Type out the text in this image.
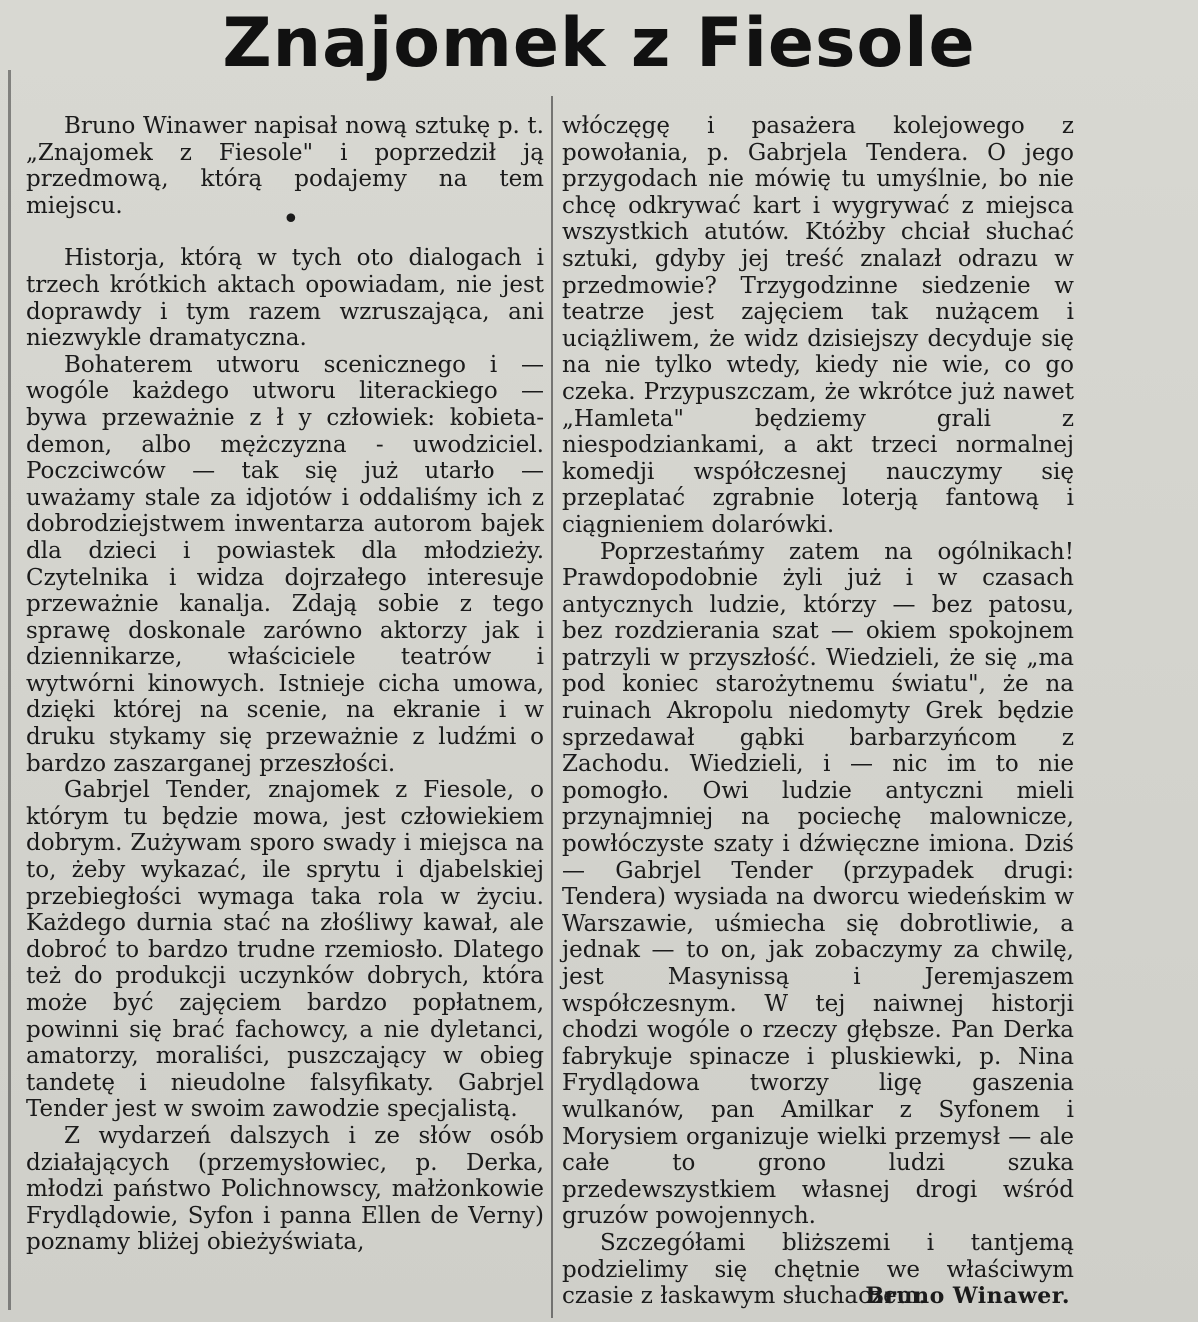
Znajomek z Fiesole

Bruno Winawer napisał nową sztukę p. t. „Znajomek z Fiesole" i poprzedził ją przedmową, którą podajemy na tem miejscu.

Historja, którą w tych oto dialogach i trzech krótkich aktach opowiadam, nie jest doprawdy i tym razem wzruszająca, ani niezwykle dramatyczna.

Bohaterem utworu scenicznego i — wogóle każdego utworu literackiego — bywa przeważnie z ł y człowiek: kobieta-demon, albo mężczyzna - uwodziciel. Poczciwców — tak się już utarło — uważamy stale za idjotów i oddaliśmy ich z dobrodziejstwem inwentarza autorom bajek dla dzieci i powiastek dla młodzieży. Czytelnika i widza dojrzałego interesuje przeważnie kanalja. Zdają sobie z tego sprawę doskonale zarówno aktorzy jak i dziennikarze, właściciele teatrów i wytwórni kinowych. Istnieje cicha umowa, dzięki której na scenie, na ekranie i w druku stykamy się przeważnie z ludźmi o bardzo zaszarganej przeszłości.

Gabrjel Tender, znajomek z Fiesole, o którym tu będzie mowa, jest człowiekiem dobrym. Zużywam sporo swady i miejsca na to, żeby wykazać, ile sprytu i djabelskiej przebiegłości wymaga taka rola w życiu. Każdego durnia stać na złośliwy kawał, ale dobroć to bardzo trudne rzemiosło. Dlatego też do produkcji uczynków dobrych, która może być zajęciem bardzo popłatnem, powinni się brać fachowcy, a nie dyletanci, amatorzy, moraliści, puszczający w obieg tandetę i nieudolne falsyfikaty. Gabrjel Tender jest w swoim zawodzie specjalistą.

Z wydarzeń dalszych i ze słów osób działających (przemysłowiec, p. Derka, młodzi państwo Polichnowscy, małżonkowie Frydlądowie, Syfon i panna Ellen de Verny) poznamy bliżej obieżyświata,

•

włóczęgę i pasażera kolejowego z powołania, p. Gabrjela Tendera. O jego przygodach nie mówię tu umyślnie, bo nie chcę odkrywać kart i wygrywać z miejsca wszystkich atutów. Któżby chciał słuchać sztuki, gdyby jej treść znalazł odrazu w przedmowie? Trzygodzinne siedzenie w teatrze jest zajęciem tak nużącem i uciążliwem, że widz dzisiejszy decyduje się na nie tylko wtedy, kiedy nie wie, co go czeka. Przypuszczam, że wkrótce już nawet „Hamleta" będziemy grali z niespodziankami, a akt trzeci normalnej komedji współczesnej nauczymy się przeplatać zgrabnie loterją fantową i ciągnieniem dolarówki.

Poprzestańmy zatem na ogólnikach! Prawdopodobnie żyli już i w czasach antycznych ludzie, którzy — bez patosu, bez rozdzierania szat — okiem spokojnem patrzyli w przyszłość. Wiedzieli, że się „ma pod koniec starożytnemu światu", że na ruinach Akropolu niedomyty Grek będzie sprzedawał gąbki barbarzyńcom z Zachodu. Wiedzieli, i — nic im to nie pomogło. Owi ludzie antyczni mieli przynajmniej na pociechę malownicze, powłóczyste szaty i dźwięczne imiona. Dziś — Gabrjel Tender (przypadek drugi: Tendera) wysiada na dworcu wiedeńskim w Warszawie, uśmiecha się dobrotliwie, a jednak — to on, jak zobaczymy za chwilę, jest Masynissą i Jeremjaszem współczesnym. W tej naiwnej historji chodzi wogóle o rzeczy głębsze. Pan Derka fabrykuje spinacze i pluskiewki, p. Nina Frydlądowa tworzy ligę gaszenia wulkanów, pan Amilkar z Syfonem i Morysiem organizuje wielki przemysł — ale całe to grono ludzi szuka przedewszystkiem własnej drogi wśród gruzów powojennych.

Szczegółami bliższemi i tantjemą podzielimy się chętnie we właściwym czasie z łaskawym słuchaczem.

Bruno Winawer.
